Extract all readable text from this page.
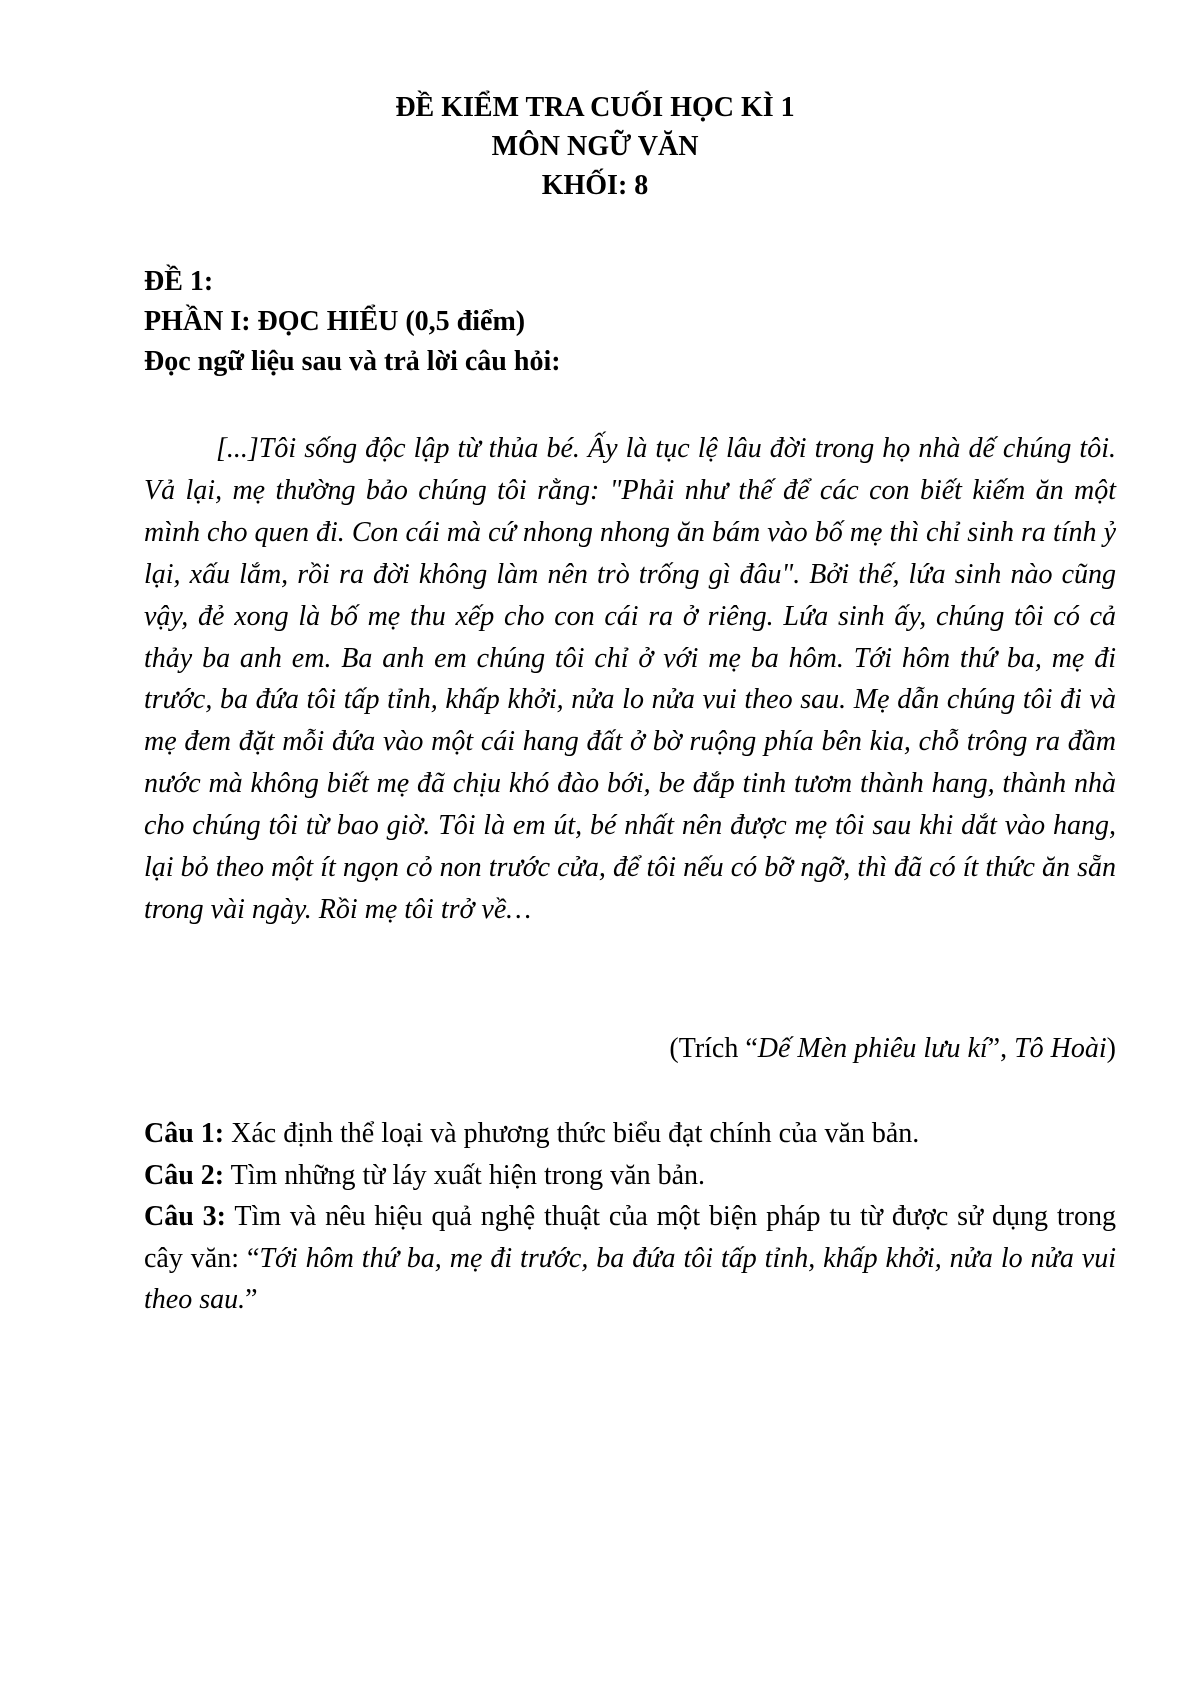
ĐỀ KIỂM TRA CUỐI HỌC KÌ 1
MÔN NGỮ VĂN
KHỐI: 8
ĐỀ 1:
PHẦN I: ĐỌC HIỂU (0,5 điểm)
Đọc ngữ liệu sau và trả lời câu hỏi:

[...]Tôi sống độc lập từ thủa bé. Ấy là tục lệ lâu đời trong họ nhà dế chúng tôi. Vả lại, mẹ thường bảo chúng tôi rằng: "Phải như thế để các con biết kiếm ăn một mình cho quen đi. Con cái mà cứ nhong nhong ăn bám vào bố mẹ thì chỉ sinh ra tính ỷ lại, xấu lắm, rồi ra đời không làm nên trò trống gì đâu". Bởi thế, lứa sinh nào cũng vậy, đẻ xong là bố mẹ thu xếp cho con cái ra ở riêng. Lứa sinh ấy, chúng tôi có cả thảy ba anh em. Ba anh em chúng tôi chỉ ở với mẹ ba hôm. Tới hôm thứ ba, mẹ đi trước, ba đứa tôi tấp tỉnh, khấp khởi, nửa lo nửa vui theo sau. Mẹ dẫn chúng tôi đi và mẹ đem đặt mỗi đứa vào một cái hang đất ở bờ ruộng phía bên kia, chỗ trông ra đầm nước mà không biết mẹ đã chịu khó đào bới, be đắp tinh tươm thành hang, thành nhà cho chúng tôi từ bao giờ. Tôi là em út, bé nhất nên được mẹ tôi sau khi dắt vào hang, lại bỏ theo một ít ngọn cỏ non trước cửa, để tôi nếu có bỡ ngỡ, thì đã có ít thức ăn sẵn trong vài ngày. Rồi mẹ tôi trở về…

(Trích “Dế Mèn phiêu lưu kí”, Tô Hoài)

Câu 1: Xác định thể loại và phương thức biểu đạt chính của văn bản.

Câu 2: Tìm những từ láy xuất hiện trong văn bản.

Câu 3: Tìm và nêu hiệu quả nghệ thuật của một biện pháp tu từ được sử dụng trong cây văn: “Tới hôm thứ ba, mẹ đi trước, ba đứa tôi tấp tỉnh, khấp khởi, nửa lo nửa vui theo sau.”
